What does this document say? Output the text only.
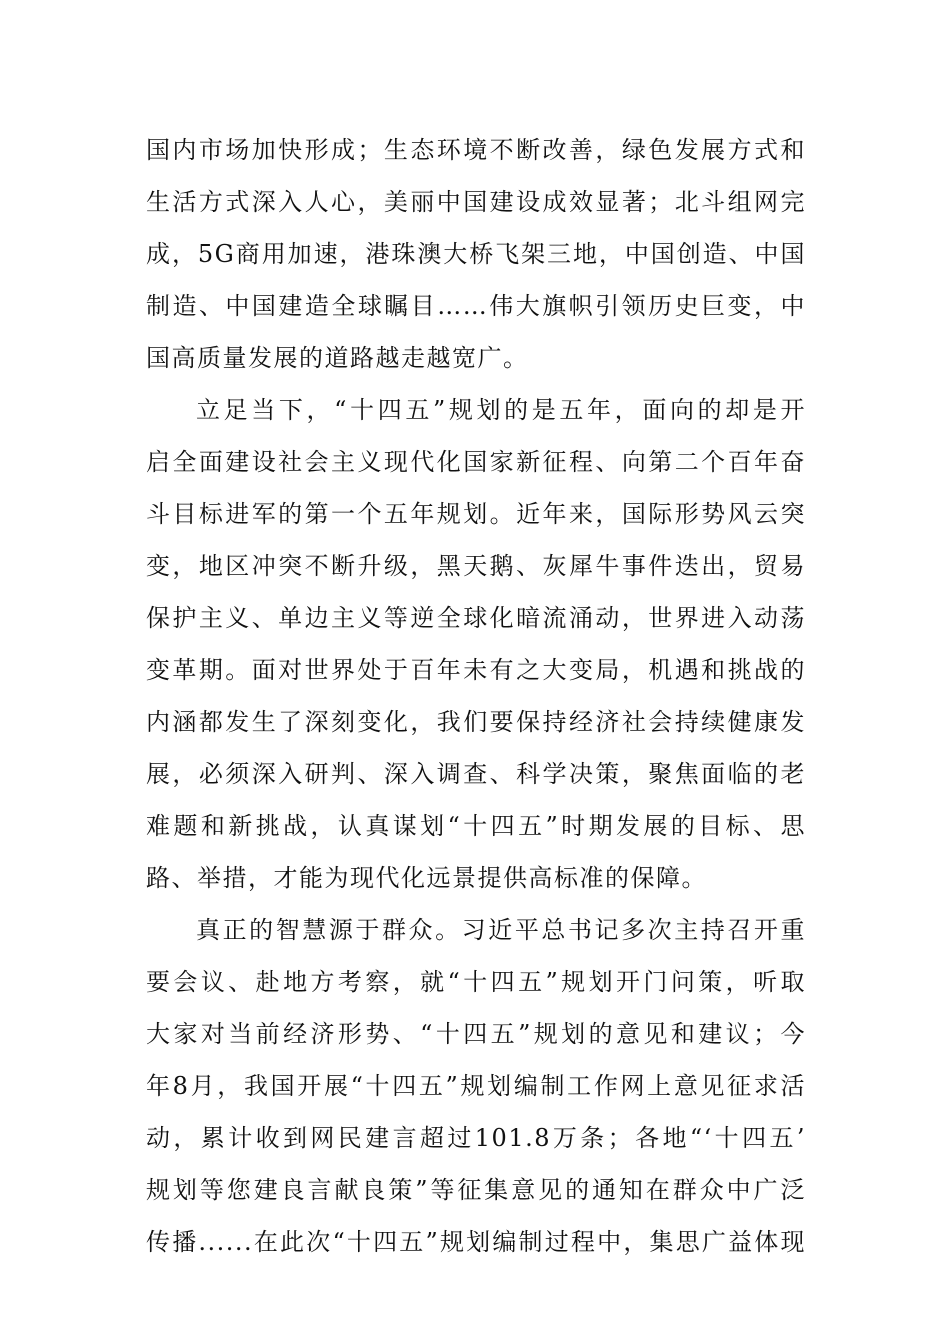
国内市场加快形成；生态环境不断改善，绿色发展方式和
生活方式深入人心，美丽中国建设成效显著；北斗组网完
成，5G商用加速，港珠澳大桥飞架三地，中国创造、中国
制造、中国建造全球瞩目……伟大旗帜引领历史巨变，中
国高质量发展的道路越走越宽广。
立足当下，“十四五”规划的是五年，面向的却是开
启全面建设社会主义现代化国家新征程、向第二个百年奋
斗目标进军的第一个五年规划。近年来，国际形势风云突
变，地区冲突不断升级，黑天鹅、灰犀牛事件迭出，贸易
保护主义、单边主义等逆全球化暗流涌动，世界进入动荡
变革期。面对世界处于百年未有之大变局，机遇和挑战的
内涵都发生了深刻变化，我们要保持经济社会持续健康发
展，必须深入研判、深入调查、科学决策，聚焦面临的老
难题和新挑战，认真谋划“十四五”时期发展的目标、思
路、举措，才能为现代化远景提供高标准的保障。
真正的智慧源于群众。习近平总书记多次主持召开重
要会议、赴地方考察，就“十四五”规划开门问策，听取
大家对当前经济形势、“十四五”规划的意见和建议；今
年8月，我国开展“十四五”规划编制工作网上意见征求活
动，累计收到网民建言超过101.8万条；各地“‘十四五’
规划等您建良言献良策”等征集意见的通知在群众中广泛
传播......在此次“十四五”规划编制过程中，集思广益体现
